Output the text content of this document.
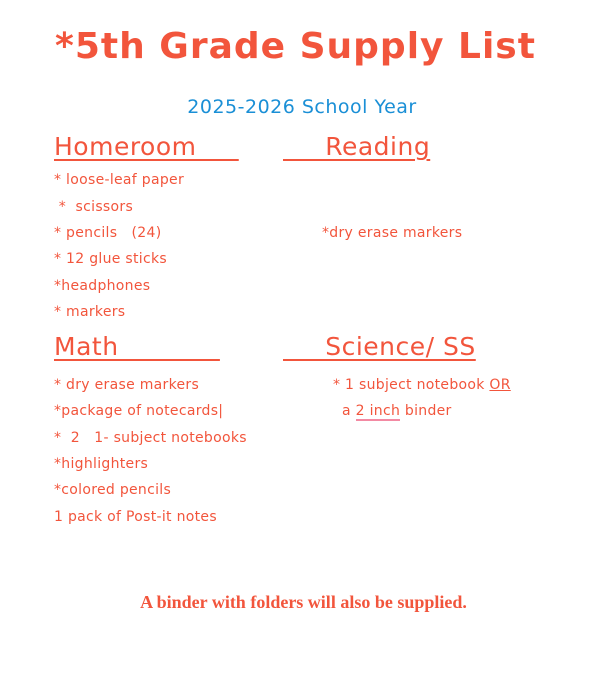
*5th Grade Supply List
2025-2026 School Year
Homeroom
* loose-leaf paper
*  scissors
* pencils   (24)
* 12 glue sticks
*headphones
* markers
Reading
*dry erase markers
Math
* dry erase markers
*package of notecards|
*  2   1- subject notebooks
*highlighters
*colored pencils
1 pack of Post-it notes
Science/ SS
* 1 subject notebook OR
a 2 inch binder
A binder with folders will also be supplied.
